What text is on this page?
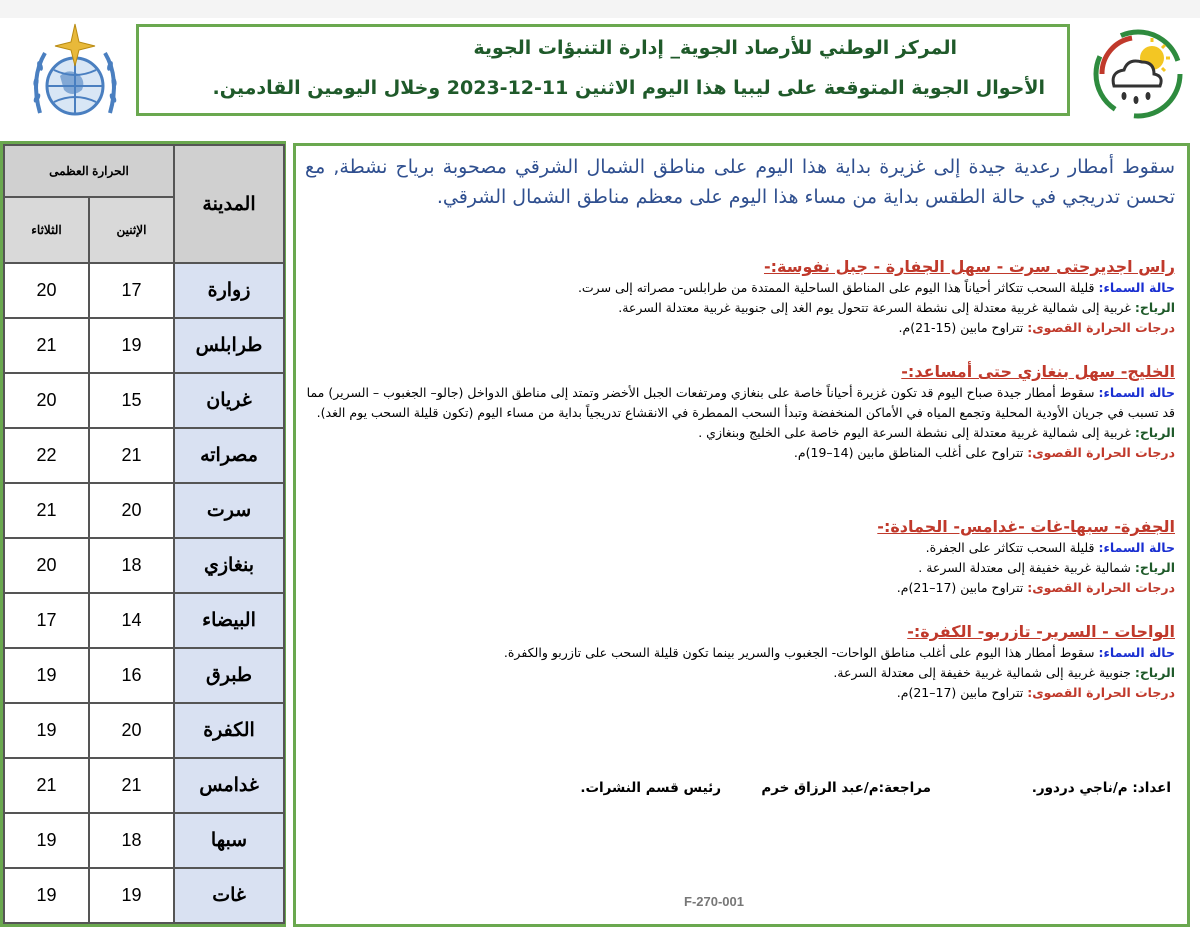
المركز الوطني للأرصاد الجوية_ إدارة التنبؤات الجوية
الأحوال الجوية المتوقعة على ليبيا هذا اليوم الاثنين 11-12-2023 وخلال اليومين القادمين.
الحرارة العظمى		المدينة
الثلاثاء	الإثنين	
20	17	زوارة
21	19	طرابلس
20	15	غريان
22	21	مصراته
21	20	سرت
20	18	بنغازي
17	14	البيضاء
19	16	طبرق
19	20	الكفرة
21	21	غدامس
19	18	سبها
19	19	غات
سقوط أمطار رعدية جيدة إلى غزيرة بداية هذا اليوم على مناطق الشمال الشرقي مصحوبة برياح نشطة, مع تحسن تدريجي في حالة الطقس بداية من مساء هذا اليوم على معظم مناطق الشمال الشرقي.

راس اجديرحتى سرت - سهل الجفارة - جبل نفوسة:-

حالة السماء: قليلة السحب تتكاثر أحياناً هذا اليوم على المناطق الساحلية الممتدة من طرابلس- مصراته إلى سرت.

الرياح: غربية إلى شمالية غربية معتدلة إلى نشطة السرعة تتحول يوم الغد إلى جنوبية غربية معتدلة السرعة.

درجات الحرارة القصوى: تتراوح مابين (15-21)م.

الخليج- سهل بنغازي حتى أمساعد:-

حالة السماء: سقوط أمطار جيدة صباح اليوم قد تكون غزيرة أحياناً خاصة على بنغازي ومرتفعات الجبل الأخضر وتمتد إلى مناطق الدواخل (جالو– الجغبوب – السرير) مما قد تسبب في جريان الأودية المحلية وتجمع المياه في الأماكن المنخفضة وتبدأ السحب الممطرة في الانقشاع تدريجياً بداية من مساء اليوم (تكون قليلة السحب يوم الغد).

الرياح: غربية إلى شمالية غربية معتدلة إلى نشطة السرعة اليوم خاصة على الخليج وبنغازي .

درجات الحرارة القصوى: تتراوح على أغلب المناطق مابين (14–19)م.

الجفرة- سبها-غات -غدامس- الحمادة:-

حالة السماء: قليلة السحب تتكاثر على الجفرة.

الرياح: شمالية غربية خفيفة إلى معتدلة السرعة .

درجات الحرارة القصوى: تتراوح مابين (17–21)م.

الواحات - السرير- تازربو- الكفرة:-

حالة السماء: سقوط أمطار هذا اليوم على أغلب مناطق الواحات- الجغبوب والسرير بينما تكون قليلة السحب على تازربو والكفرة.

الرياح: جنوبية غربية إلى شمالية غربية خفيفة إلى معتدلة السرعة.

درجات الحرارة القصوى: تتراوح مابين (17–21)م.

اعداد: م/ناجي دردور.
مراجعة:م/عبد الرزاق خرم
رئيس قسم النشرات.
F-270-001
